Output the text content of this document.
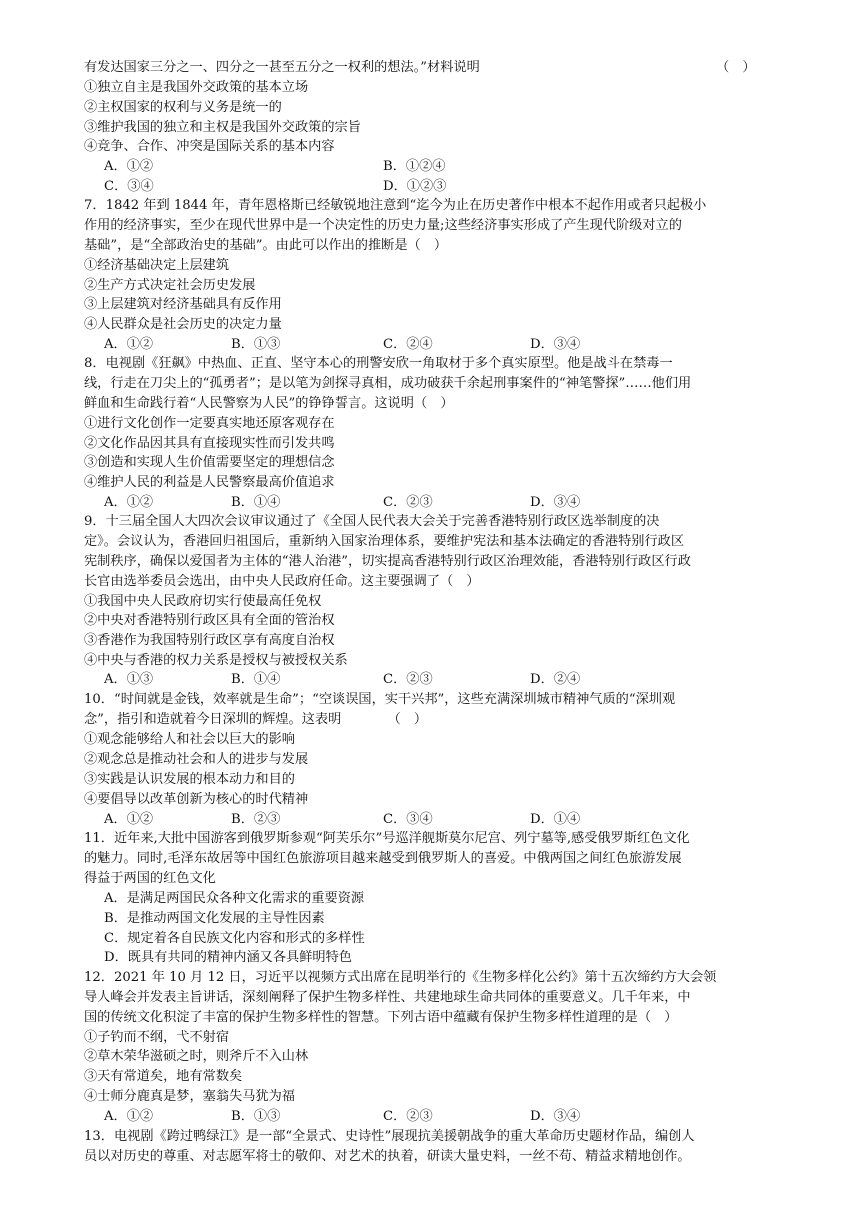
有发达国家三分之一、四分之一甚至五分之一权利的想法。”材料说明	（　）
①独立自主是我国外交政策的基本立场
②主权国家的权利与义务是统一的
③维护我国的独立和主权是我国外交政策的宗旨
④竞争、合作、冲突是国际关系的基本内容
A．①②	B．①②④
C．③④	D．①②③
7．1842 年到 1844 年，青年恩格斯已经敏锐地注意到“迄今为止在历史著作中根本不起作用或者只起极小
作用的经济事实，至少在现代世界中是一个决定性的历史力量;这些经济事实形成了产生现代阶级对立的
基础”，是“全部政治史的基础”。由此可以作出的推断是（　）
①经济基础决定上层建筑
②生产方式决定社会历史发展
③上层建筑对经济基础具有反作用
④人民群众是社会历史的决定力量
A．①②	B．①③	C．②④	D．③④
8．电视剧《狂飙》中热血、正直、坚守本心的刑警安欣一角取材于多个真实原型。他是战斗在禁毒一
线，行走在刀尖上的“孤勇者”；是以笔为剑探寻真相，成功破获千余起刑事案件的“神笔警探”……他们用
鲜血和生命践行着“人民警察为人民”的铮铮誓言。这说明（　）
①进行文化创作一定要真实地还原客观存在
②文化作品因其具有直接现实性而引发共鸣
③创造和实现人生价值需要坚定的理想信念
④维护人民的利益是人民警察最高价值追求
A．①②	B．①④	C．②③	D．③④
9．十三届全国人大四次会议审议通过了《全国人民代表大会关于完善香港特别行政区选举制度的决
定》。会议认为，香港回归祖国后，重新纳入国家治理体系，要维护宪法和基本法确定的香港特别行政区
宪制秩序，确保以爱国者为主体的“港人治港”，切实提高香港特别行政区治理效能，香港特别行政区行政
长官由选举委员会选出，由中央人民政府任命。这主要强调了（　）
①我国中央人民政府切实行使最高任免权
②中央对香港特别行政区具有全面的管治权
③香港作为我国特别行政区享有高度自治权
④中央与香港的权力关系是授权与被授权关系
A．①③	B．①④	C．②③	D．②④
10．“时间就是金钱，效率就是生命”；“空谈误国，实干兴邦”，这些充满深圳城市精神气质的“深圳观
念”，指引和造就着今日深圳的辉煌。这表明　　　　（　）
①观念能够给人和社会以巨大的影响
②观念总是推动社会和人的进步与发展
③实践是认识发展的根本动力和目的
④要倡导以改革创新为核心的时代精神
A．①②	B．②③	C．③④	D．①④
11．近年来,大批中国游客到俄罗斯参观“阿芙乐尔”号巡洋舰斯莫尔尼宫、列宁墓等,感受俄罗斯红色文化
的魅力。同时,毛泽东故居等中国红色旅游项目越来越受到俄罗斯人的喜爱。中俄两国之间红色旅游发展
得益于两国的红色文化
A．是满足两国民众各种文化需求的重要资源
B．是推动两国文化发展的主导性因素
C．规定着各自民族文化内容和形式的多样性
D．既具有共同的精神内涵又各具鲜明特色
12．2021 年 10 月 12 日，习近平以视频方式出席在昆明举行的《生物多样化公约》第十五次缔约方大会领
导人峰会并发表主旨讲话，深刻阐释了保护生物多样性、共建地球生命共同体的重要意义。几千年来，中
国的传统文化积淀了丰富的保护生物多样性的智慧。下列古语中蕴藏有保护生物多样性道理的是（　）
①子钓而不纲，弋不射宿
②草木荣华滋硕之时，则斧斤不入山林
③天有常道矣，地有常数矣
④士师分鹿真是梦，塞翁失马犹为福
A．①②	B．①③	C．②③	D．③④
13．电视剧《跨过鸭绿江》是一部“全景式、史诗性”展现抗美援朝战争的重大革命历史题材作品，编创人
员以对历史的尊重、对志愿军将士的敬仰、对艺术的执着，研读大量史料，一丝不苟、精益求精地创作。
